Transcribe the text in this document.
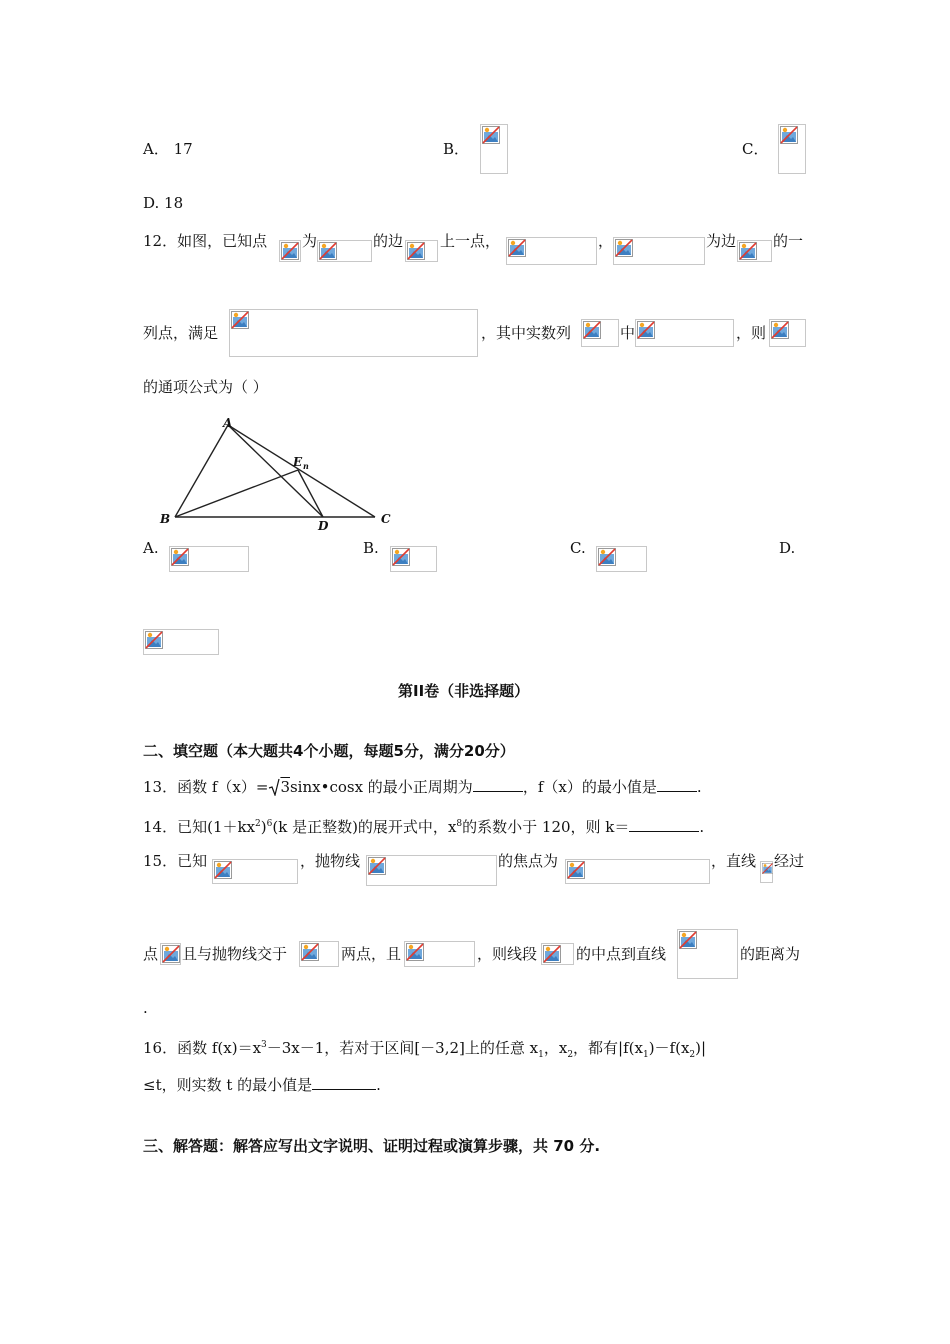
A． 17	B．	C．
D. 18
12．如图，已知点 为	的边 上一点，	，	为边 的一
列点，满足	，其中实数列	中	，则
的通项公式为（ ）
A
B	C
D
E n
A.	B.	C.	D.
第II卷（非选择题）
二、填空题（本大题共4个小题，每题5分，满分20分）
13．函数 f（x）= 3sinx•cosx 的最小正周期为	，f（x）的最小值是	.
14．已知$(1+kx^2)^6(k$ 是正整数)的展开式中，$x^8$的系数小于 120，则 k＝	.
15．已知	，抛物线	的焦点为	，直线 经过
点 且与抛物线交于	两点，且	，则线段	的中点到直线	的距离为
.
16．函数 $f(x)=x^3-3x-1$，若对于区间[－3,2]上的任意 $x_1$，$x_2$，都有$|f(x_1)-f(x_2)|$
≤t，则实数 t 的最小值是	.
三、解答题：解答应写出文字说明、证明过程或演算步骤，共 70 分.
